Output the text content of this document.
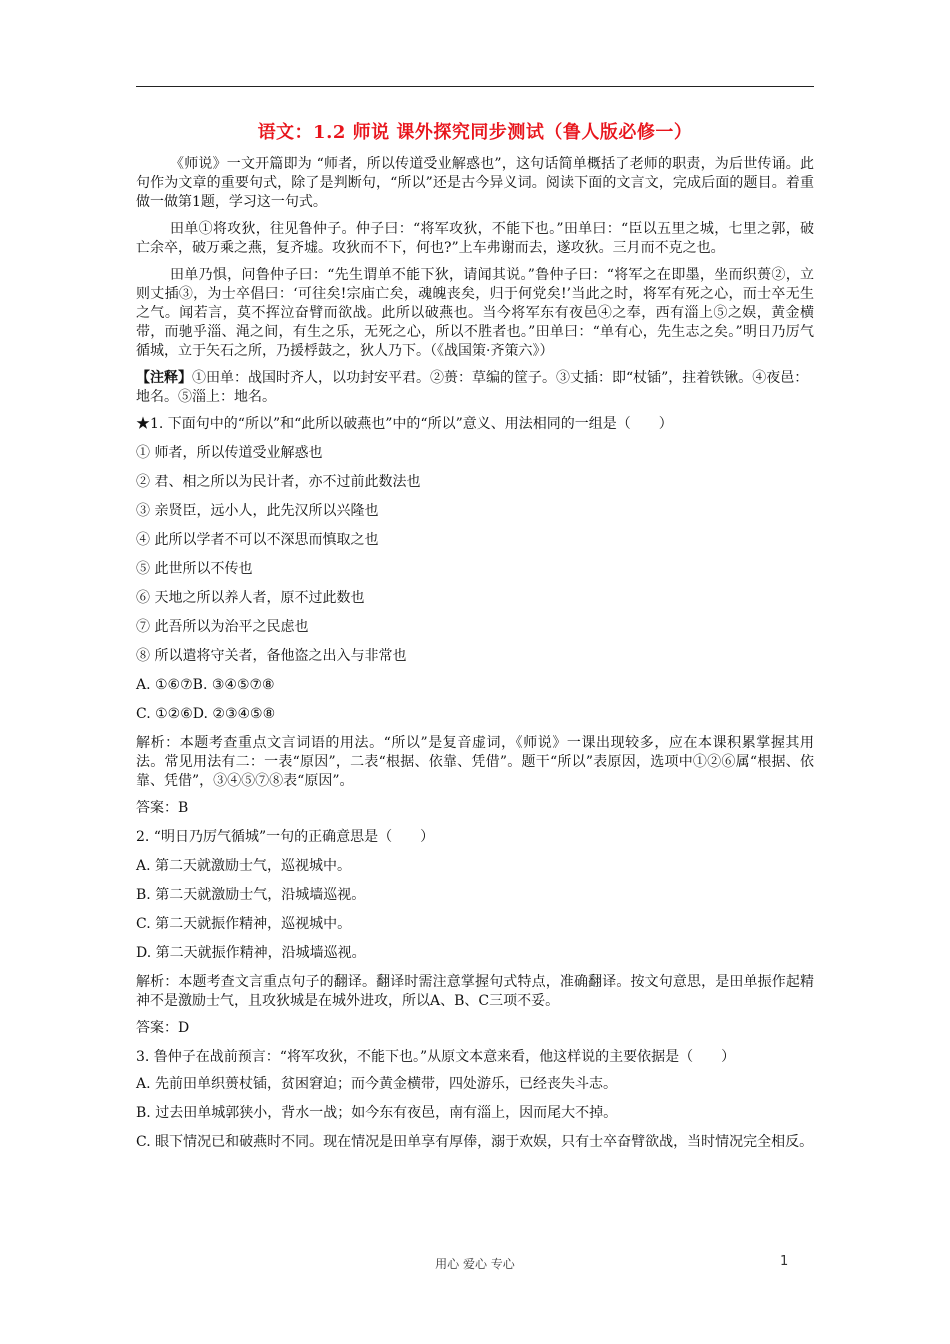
语文：1.2 师说 课外探究同步测试（鲁人版必修一）

《师说》一文开篇即为 “师者，所以传道受业解惑也”，这句话简单概括了老师的职责，为后世传诵。此句作为文章的重要句式，除了是判断句，“所以”还是古今异义词。阅读下面的文言文，完成后面的题目。着重做一做第1题，学习这一句式。

田单①将攻狄，往见鲁仲子。仲子曰：“将军攻狄，不能下也。”田单曰：“臣以五里之城，七里之郭，破亡余卒，破万乘之燕，复齐墟。攻狄而不下，何也?”上车弗谢而去，遂攻狄。三月而不克之也。

田单乃惧，问鲁仲子曰：“先生谓单不能下狄，请闻其说。”鲁仲子曰：“将军之在即墨，坐而织蒉②，立则丈插③，为士卒倡曰：‘可往矣!宗庙亡矣，魂魄丧矣，归于何党矣!’当此之时，将军有死之心，而士卒无生之气。闻若言，莫不挥泣奋臂而欲战。此所以破燕也。当今将军东有夜邑④之奉，西有淄上⑤之娱，黄金横带，而驰乎淄、渑之间，有生之乐，无死之心，所以不胜者也。”田单曰：“单有心，先生志之矣。”明日乃厉气循城，立于矢石之所，乃援桴鼓之，狄人乃下。（《战国策·齐策六》）

【注释】①田单：战国时齐人，以功封安平君。②蒉：草编的筐子。③丈插：即“杖锸”，拄着铁锹。④夜邑：地名。⑤淄上：地名。

★1. 下面句中的“所以”和“此所以破燕也”中的“所以”意义、用法相同的一组是（　　）

① 师者，所以传道受业解惑也

② 君、相之所以为民计者，亦不过前此数法也

③ 亲贤臣，远小人，此先汉所以兴隆也

④ 此所以学者不可以不深思而慎取之也

⑤ 此世所以不传也

⑥ 天地之所以养人者，原不过此数也

⑦ 此吾所以为治平之民虑也

⑧ 所以遣将守关者，备他盗之出入与非常也

A. ①⑥⑦B. ③④⑤⑦⑧

C. ①②⑥D. ②③④⑤⑧

解析：本题考查重点文言词语的用法。“所以”是复音虚词，《师说》一课出现较多，应在本课积累掌握其用法。常见用法有二：一表“原因”，二表“根据、依靠、凭借”。题干“所以”表原因，选项中①②⑥属“根据、依靠、凭借”，③④⑤⑦⑧表“原因”。

答案：B

2. “明日乃厉气循城”一句的正确意思是（　　）

A. 第二天就激励士气，巡视城中。

B. 第二天就激励士气，沿城墙巡视。

C. 第二天就振作精神，巡视城中。

D. 第二天就振作精神，沿城墙巡视。

解析：本题考查文言重点句子的翻译。翻译时需注意掌握句式特点，准确翻译。按文句意思，是田单振作起精神不是激励士气，且攻狄城是在城外进攻，所以A、B、C三项不妥。

答案：D

3. 鲁仲子在战前预言：“将军攻狄，不能下也。”从原文本意来看，他这样说的主要依据是（　　）

A. 先前田单织蒉杖锸，贫困窘迫；而今黄金横带，四处游乐，已经丧失斗志。

B. 过去田单城郭狭小，背水一战；如今东有夜邑，南有淄上，因而尾大不掉。

C. 眼下情况已和破燕时不同。现在情况是田单享有厚俸，溺于欢娱，只有士卒奋臂欲战，当时情况完全相反。

用心 爱心 专心	1
